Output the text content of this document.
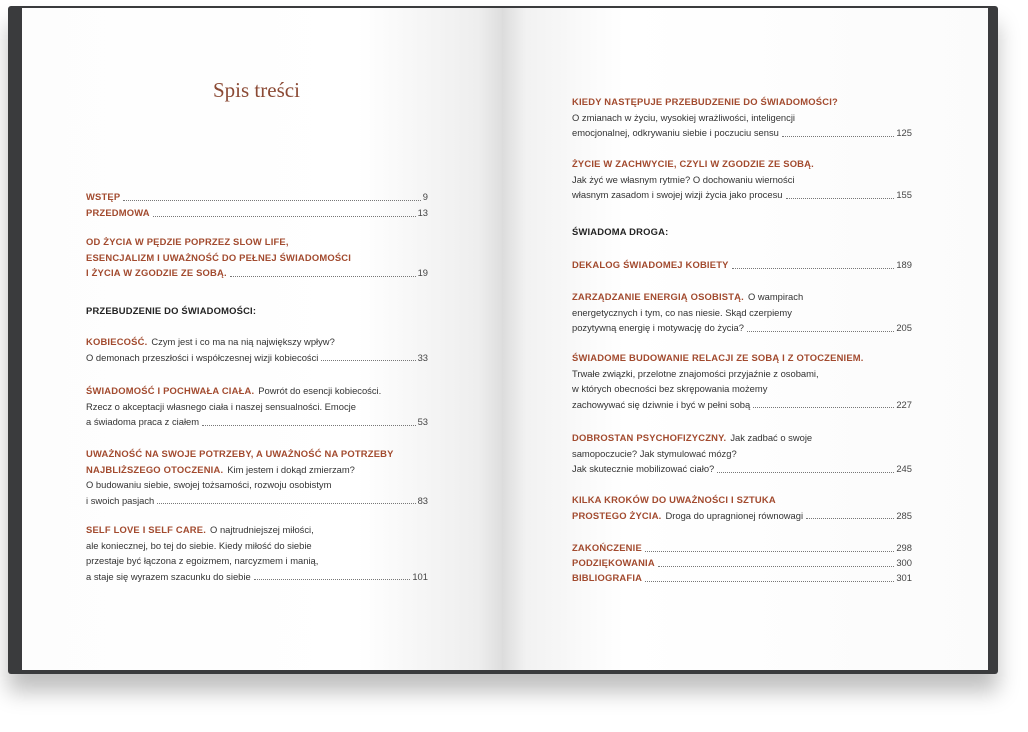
Spis treści
WSTĘP	9
PRZEDMOWA	13
OD ŻYCIA W PĘDZIE POPRZEZ SLOW LIFE,
ESENCJALIZM I UWAŻNOŚĆ DO PEŁNEJ ŚWIADOMOŚCI
I ŻYCIA W ZGODZIE ZE SOBĄ.	19
PRZEBUDZENIE DO ŚWIADOMOŚCI:
KOBIECOŚĆ. Czym jest i co ma na nią największy wpływ?
O demonach przeszłości i współczesnej wizji kobiecości	33
ŚWIADOMOŚĆ I POCHWAŁA CIAŁA. Powrót do esencji kobiecości.
Rzecz o akceptacji własnego ciała i naszej sensualności. Emocje
a świadoma praca z ciałem	53
UWAŻNOŚĆ NA SWOJE POTRZEBY, A UWAŻNOŚĆ NA POTRZEBY
NAJBLIŻSZEGO OTOCZENIA. Kim jestem i dokąd zmierzam?
O budowaniu siebie, swojej tożsamości, rozwoju osobistym
i swoich pasjach	83
SELF LOVE I SELF CARE. O najtrudniejszej miłości,
ale koniecznej, bo tej do siebie. Kiedy miłość do siebie
przestaje być łączona z egoizmem, narcyzmem i manią,
a staje się wyrazem szacunku do siebie	101
KIEDY NASTĘPUJE PRZEBUDZENIE DO ŚWIADOMOŚCI?
O zmianach w życiu, wysokiej wrażliwości, inteligencji
emocjonalnej, odkrywaniu siebie i poczuciu sensu	125
ŻYCIE W ZACHWYCIE, CZYLI W ZGODZIE ZE SOBĄ.
Jak żyć we własnym rytmie? O dochowaniu wierności
własnym zasadom i swojej wizji życia jako procesu	155
ŚWIADOMA DROGA:
DEKALOG ŚWIADOMEJ KOBIETY	189
ZARZĄDZANIE ENERGIĄ OSOBISTĄ. O wampirach
energetycznych i tym, co nas niesie. Skąd czerpiemy
pozytywną energię i motywację do życia?	205
ŚWIADOME BUDOWANIE RELACJI ZE SOBĄ I Z OTOCZENIEM.
Trwałe związki, przelotne znajomości przyjaźnie z osobami,
w których obecności bez skrępowania możemy
zachowywać się dziwnie i być w pełni sobą	227
DOBROSTAN PSYCHOFIZYCZNY. Jak zadbać o swoje
samopoczucie? Jak stymulować mózg?
Jak skutecznie mobilizować ciało?	245
KILKA KROKÓW DO UWAŻNOŚCI I SZTUKA
PROSTEGO ŻYCIA. Droga do upragnionej równowagi	285
ZAKOŃCZENIE	298
PODZIĘKOWANIA	300
BIBLIOGRAFIA	301
